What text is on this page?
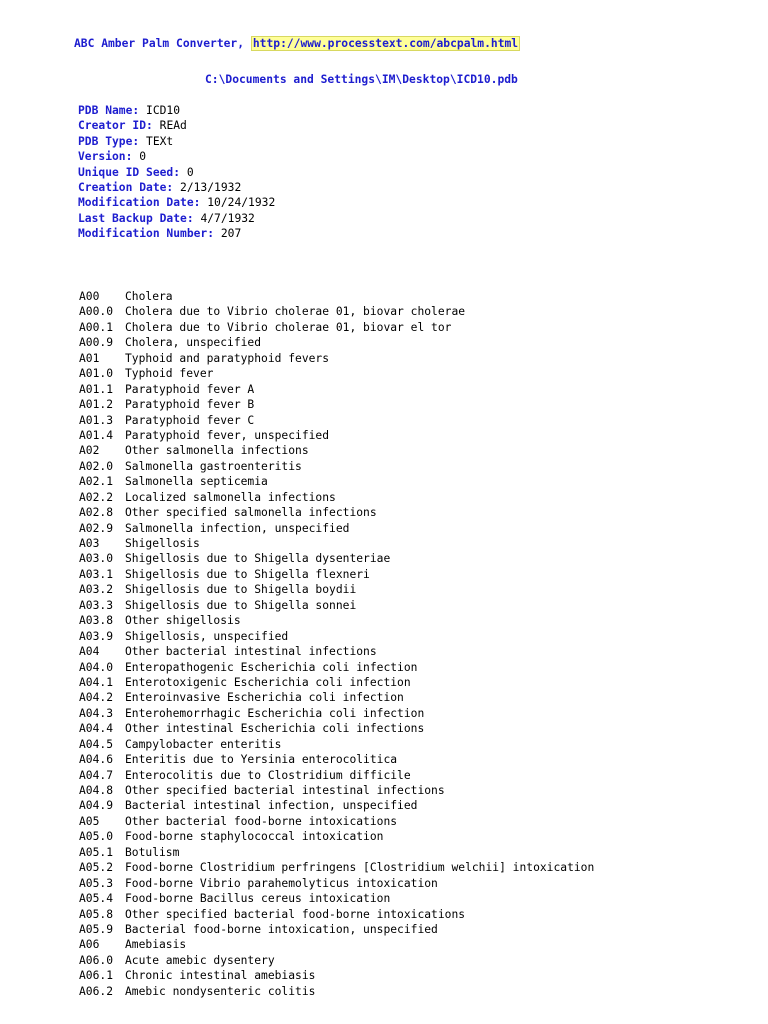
ABC Amber Palm Converter, http://www.processtext.com/abcpalm.html
C:\Documents and Settings\IM\Desktop\ICD10.pdb
PDB Name: ICD10
Creator ID: REAd
PDB Type: TEXt
Version: 0
Unique ID Seed: 0
Creation Date: 2/13/1932
Modification Date: 10/24/1932
Last Backup Date: 4/7/1932
Modification Number: 207
A00 Cholera
A00.0 Cholera due to Vibrio cholerae 01, biovar cholerae
A00.1 Cholera due to Vibrio cholerae 01, biovar el tor
A00.9 Cholera, unspecified
A01 Typhoid and paratyphoid fevers
A01.0 Typhoid fever
A01.1 Paratyphoid fever A
A01.2 Paratyphoid fever B
A01.3 Paratyphoid fever C
A01.4 Paratyphoid fever, unspecified
A02 Other salmonella infections
A02.0 Salmonella gastroenteritis
A02.1 Salmonella septicemia
A02.2 Localized salmonella infections
A02.8 Other specified salmonella infections
A02.9 Salmonella infection, unspecified
A03 Shigellosis
A03.0 Shigellosis due to Shigella dysenteriae
A03.1 Shigellosis due to Shigella flexneri
A03.2 Shigellosis due to Shigella boydii
A03.3 Shigellosis due to Shigella sonnei
A03.8 Other shigellosis
A03.9 Shigellosis, unspecified
A04 Other bacterial intestinal infections
A04.0 Enteropathogenic Escherichia coli infection
A04.1 Enterotoxigenic Escherichia coli infection
A04.2 Enteroinvasive Escherichia coli infection
A04.3 Enterohemorrhagic Escherichia coli infection
A04.4 Other intestinal Escherichia coli infections
A04.5 Campylobacter enteritis
A04.6 Enteritis due to Yersinia enterocolitica
A04.7 Enterocolitis due to Clostridium difficile
A04.8 Other specified bacterial intestinal infections
A04.9 Bacterial intestinal infection, unspecified
A05 Other bacterial food-borne intoxications
A05.0 Food-borne staphylococcal intoxication
A05.1 Botulism
A05.2 Food-borne Clostridium perfringens [Clostridium welchii] intoxication
A05.3 Food-borne Vibrio parahemolyticus intoxication
A05.4 Food-borne Bacillus cereus intoxication
A05.8 Other specified bacterial food-borne intoxications
A05.9 Bacterial food-borne intoxication, unspecified
A06 Amebiasis
A06.0 Acute amebic dysentery
A06.1 Chronic intestinal amebiasis
A06.2 Amebic nondysenteric colitis
